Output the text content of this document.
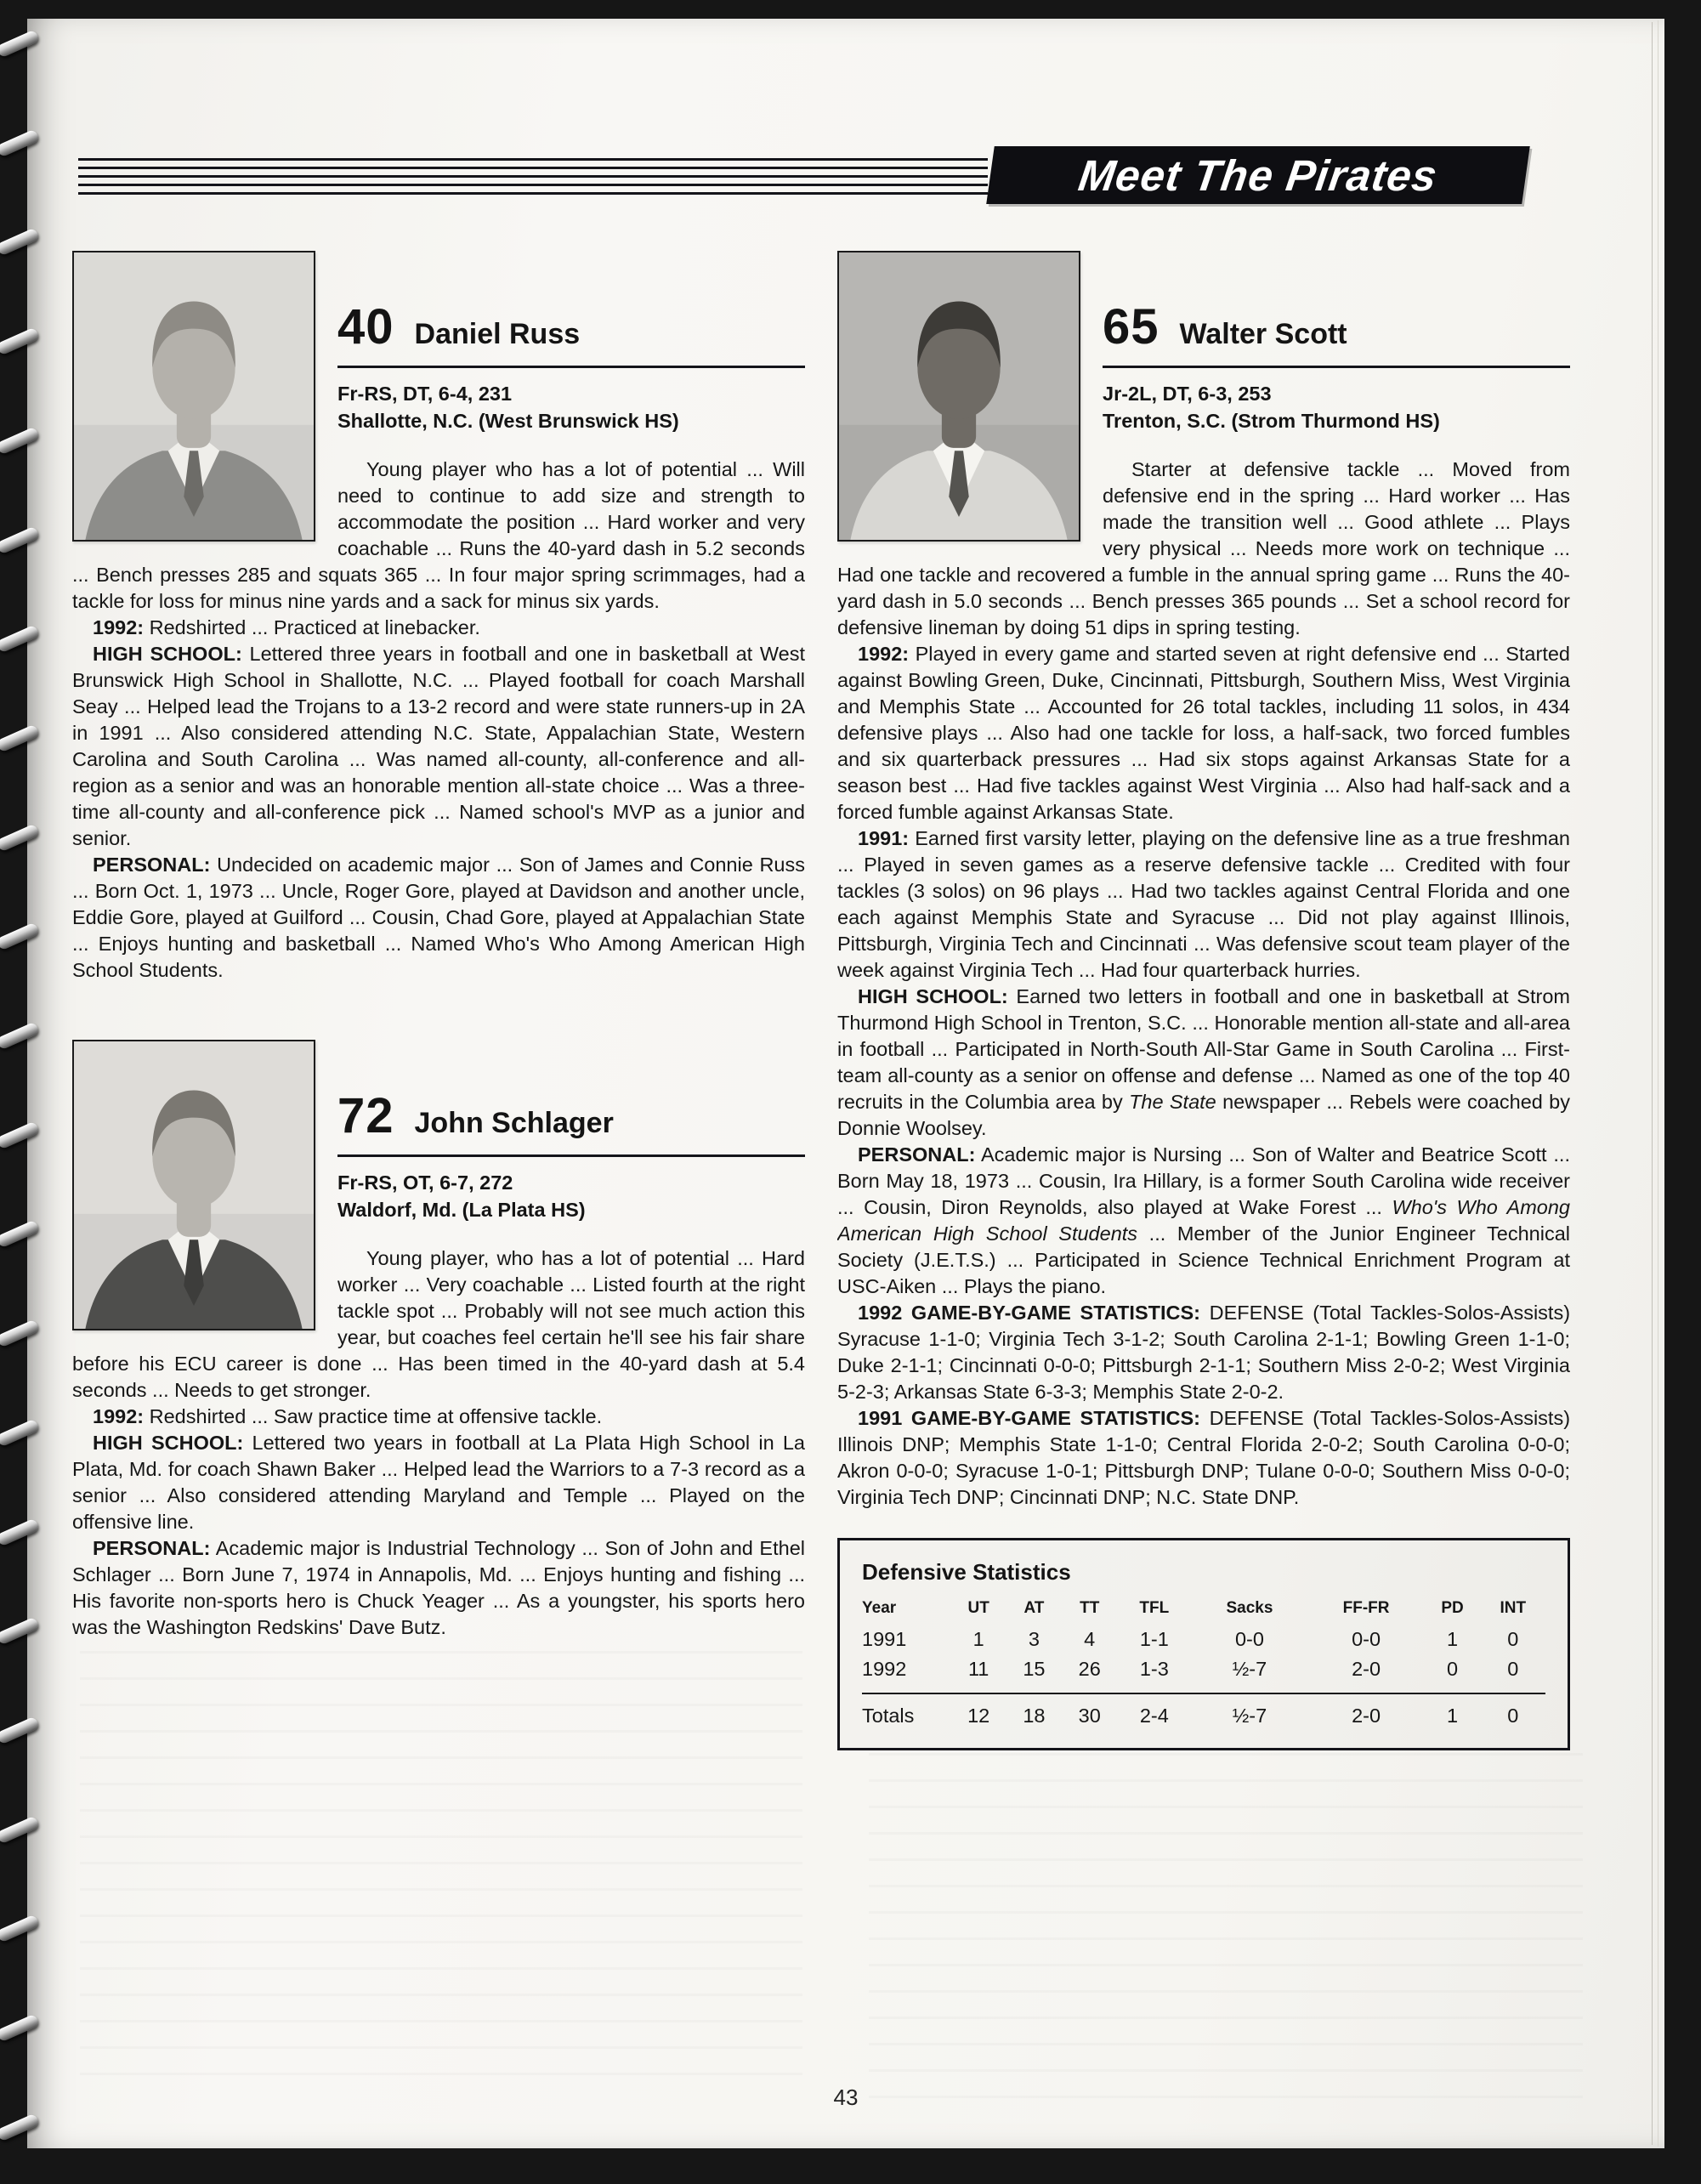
Meet The Pirates
40 Daniel Russ
Fr-RS, DT, 6-4, 231
Shallotte, N.C. (West Brunswick HS)

Young player who has a lot of potential ... Will need to continue to add size and strength to accommodate the position ... Hard worker and very coachable ... Runs the 40-yard dash in 5.2 seconds ... Bench presses 285 and squats 365 ... In four major spring scrimmages, had a tackle for loss for minus nine yards and a sack for minus six yards.

1992: Redshirted ... Practiced at linebacker.

HIGH SCHOOL: Lettered three years in football and one in basketball at West Brunswick High School in Shallotte, N.C. ... Played football for coach Marshall Seay ... Helped lead the Trojans to a 13-2 record and were state runners-up in 2A in 1991 ... Also considered attending N.C. State, Appalachian State, Western Carolina and South Carolina ... Was named all-county, all-conference and all-region as a senior and was an honorable mention all-state choice ... Was a three-time all-county and all-conference pick ... Named school's MVP as a junior and senior.

PERSONAL: Undecided on academic major ... Son of James and Connie Russ ... Born Oct. 1, 1973 ... Uncle, Roger Gore, played at Davidson and another uncle, Eddie Gore, played at Guilford ... Cousin, Chad Gore, played at Appalachian State ... Enjoys hunting and basketball ... Named Who's Who Among American High School Students.

72 John Schlager
Fr-RS, OT, 6-7, 272
Waldorf, Md. (La Plata HS)

Young player, who has a lot of potential ... Hard worker ... Very coachable ... Listed fourth at the right tackle spot ... Probably will not see much action this year, but coaches feel certain he'll see his fair share before his ECU career is done ... Has been timed in the 40-yard dash at 5.4 seconds ... Needs to get stronger.

1992: Redshirted ... Saw practice time at offensive tackle.

HIGH SCHOOL: Lettered two years in football at La Plata High School in La Plata, Md. for coach Shawn Baker ... Helped lead the Warriors to a 7-3 record as a senior ... Also considered attending Maryland and Temple ... Played on the offensive line.

PERSONAL: Academic major is Industrial Technology ... Son of John and Ethel Schlager ... Born June 7, 1974 in Annapolis, Md. ... Enjoys hunting and fishing ... His favorite non-sports hero is Chuck Yeager ... As a youngster, his sports hero was the Washington Redskins' Dave Butz.

65 Walter Scott
Jr-2L, DT, 6-3, 253
Trenton, S.C. (Strom Thurmond HS)

Starter at defensive tackle ... Moved from defensive end in the spring ... Hard worker ... Has made the transition well ... Good athlete ... Plays very physical ... Needs more work on technique ... Had one tackle and recovered a fumble in the annual spring game ... Runs the 40-yard dash in 5.0 seconds ... Bench presses 365 pounds ... Set a school record for defensive lineman by doing 51 dips in spring testing.

1992: Played in every game and started seven at right defensive end ... Started against Bowling Green, Duke, Cincinnati, Pittsburgh, Southern Miss, West Virginia and Memphis State ... Accounted for 26 total tackles, including 11 solos, in 434 defensive plays ... Also had one tackle for loss, a half-sack, two forced fumbles and six quarterback pressures ... Had six stops against Arkansas State for a season best ... Had five tackles against West Virginia ... Also had half-sack and a forced fumble against Arkansas State.

1991: Earned first varsity letter, playing on the defensive line as a true freshman ... Played in seven games as a reserve defensive tackle ... Credited with four tackles (3 solos) on 96 plays ... Had two tackles against Central Florida and one each against Memphis State and Syracuse ... Did not play against Illinois, Pittsburgh, Virginia Tech and Cincinnati ... Was defensive scout team player of the week against Virginia Tech ... Had four quarterback hurries.

HIGH SCHOOL: Earned two letters in football and one in basketball at Strom Thurmond High School in Trenton, S.C. ... Honorable mention all-state and all-area in football ... Participated in North-South All-Star Game in South Carolina ... First-team all-county as a senior on offense and defense ... Named as one of the top 40 recruits in the Columbia area by The State newspaper ... Rebels were coached by Donnie Woolsey.

PERSONAL: Academic major is Nursing ... Son of Walter and Beatrice Scott ... Born May 18, 1973 ... Cousin, Ira Hillary, is a former South Carolina wide receiver ... Cousin, Diron Reynolds, also played at Wake Forest ... Who's Who Among American High School Students ... Member of the Junior Engineer Technical Society (J.E.T.S.) ... Participated in Science Technical Enrichment Program at USC-Aiken ... Plays the piano.

1992 GAME-BY-GAME STATISTICS: DEFENSE (Total Tackles-Solos-Assists) Syracuse 1-1-0; Virginia Tech 3-1-2; South Carolina 2-1-1; Bowling Green 1-1-0; Duke 2-1-1; Cincinnati 0-0-0; Pittsburgh 2-1-1; Southern Miss 2-0-2; West Virginia 5-2-3; Arkansas State 6-3-3; Memphis State 2-0-2.

1991 GAME-BY-GAME STATISTICS: DEFENSE (Total Tackles-Solos-Assists) Illinois DNP; Memphis State 1-1-0; Central Florida 2-0-2; South Carolina 0-0-0; Akron 0-0-0; Syracuse 1-0-1; Pittsburgh DNP; Tulane 0-0-0; Southern Miss 0-0-0; Virginia Tech DNP; Cincinnati DNP; N.C. State DNP.

Defensive Statistics
Year	UT	AT	TT	TFL	Sacks	FF-FR	PD	INT
1991	1	3	4	1-1	0-0	0-0	1	0
1992	11	15	26	1-3	½-7	2-0	0	0
Totals	12	18	30	2-4	½-7	2-0	1	0
43
